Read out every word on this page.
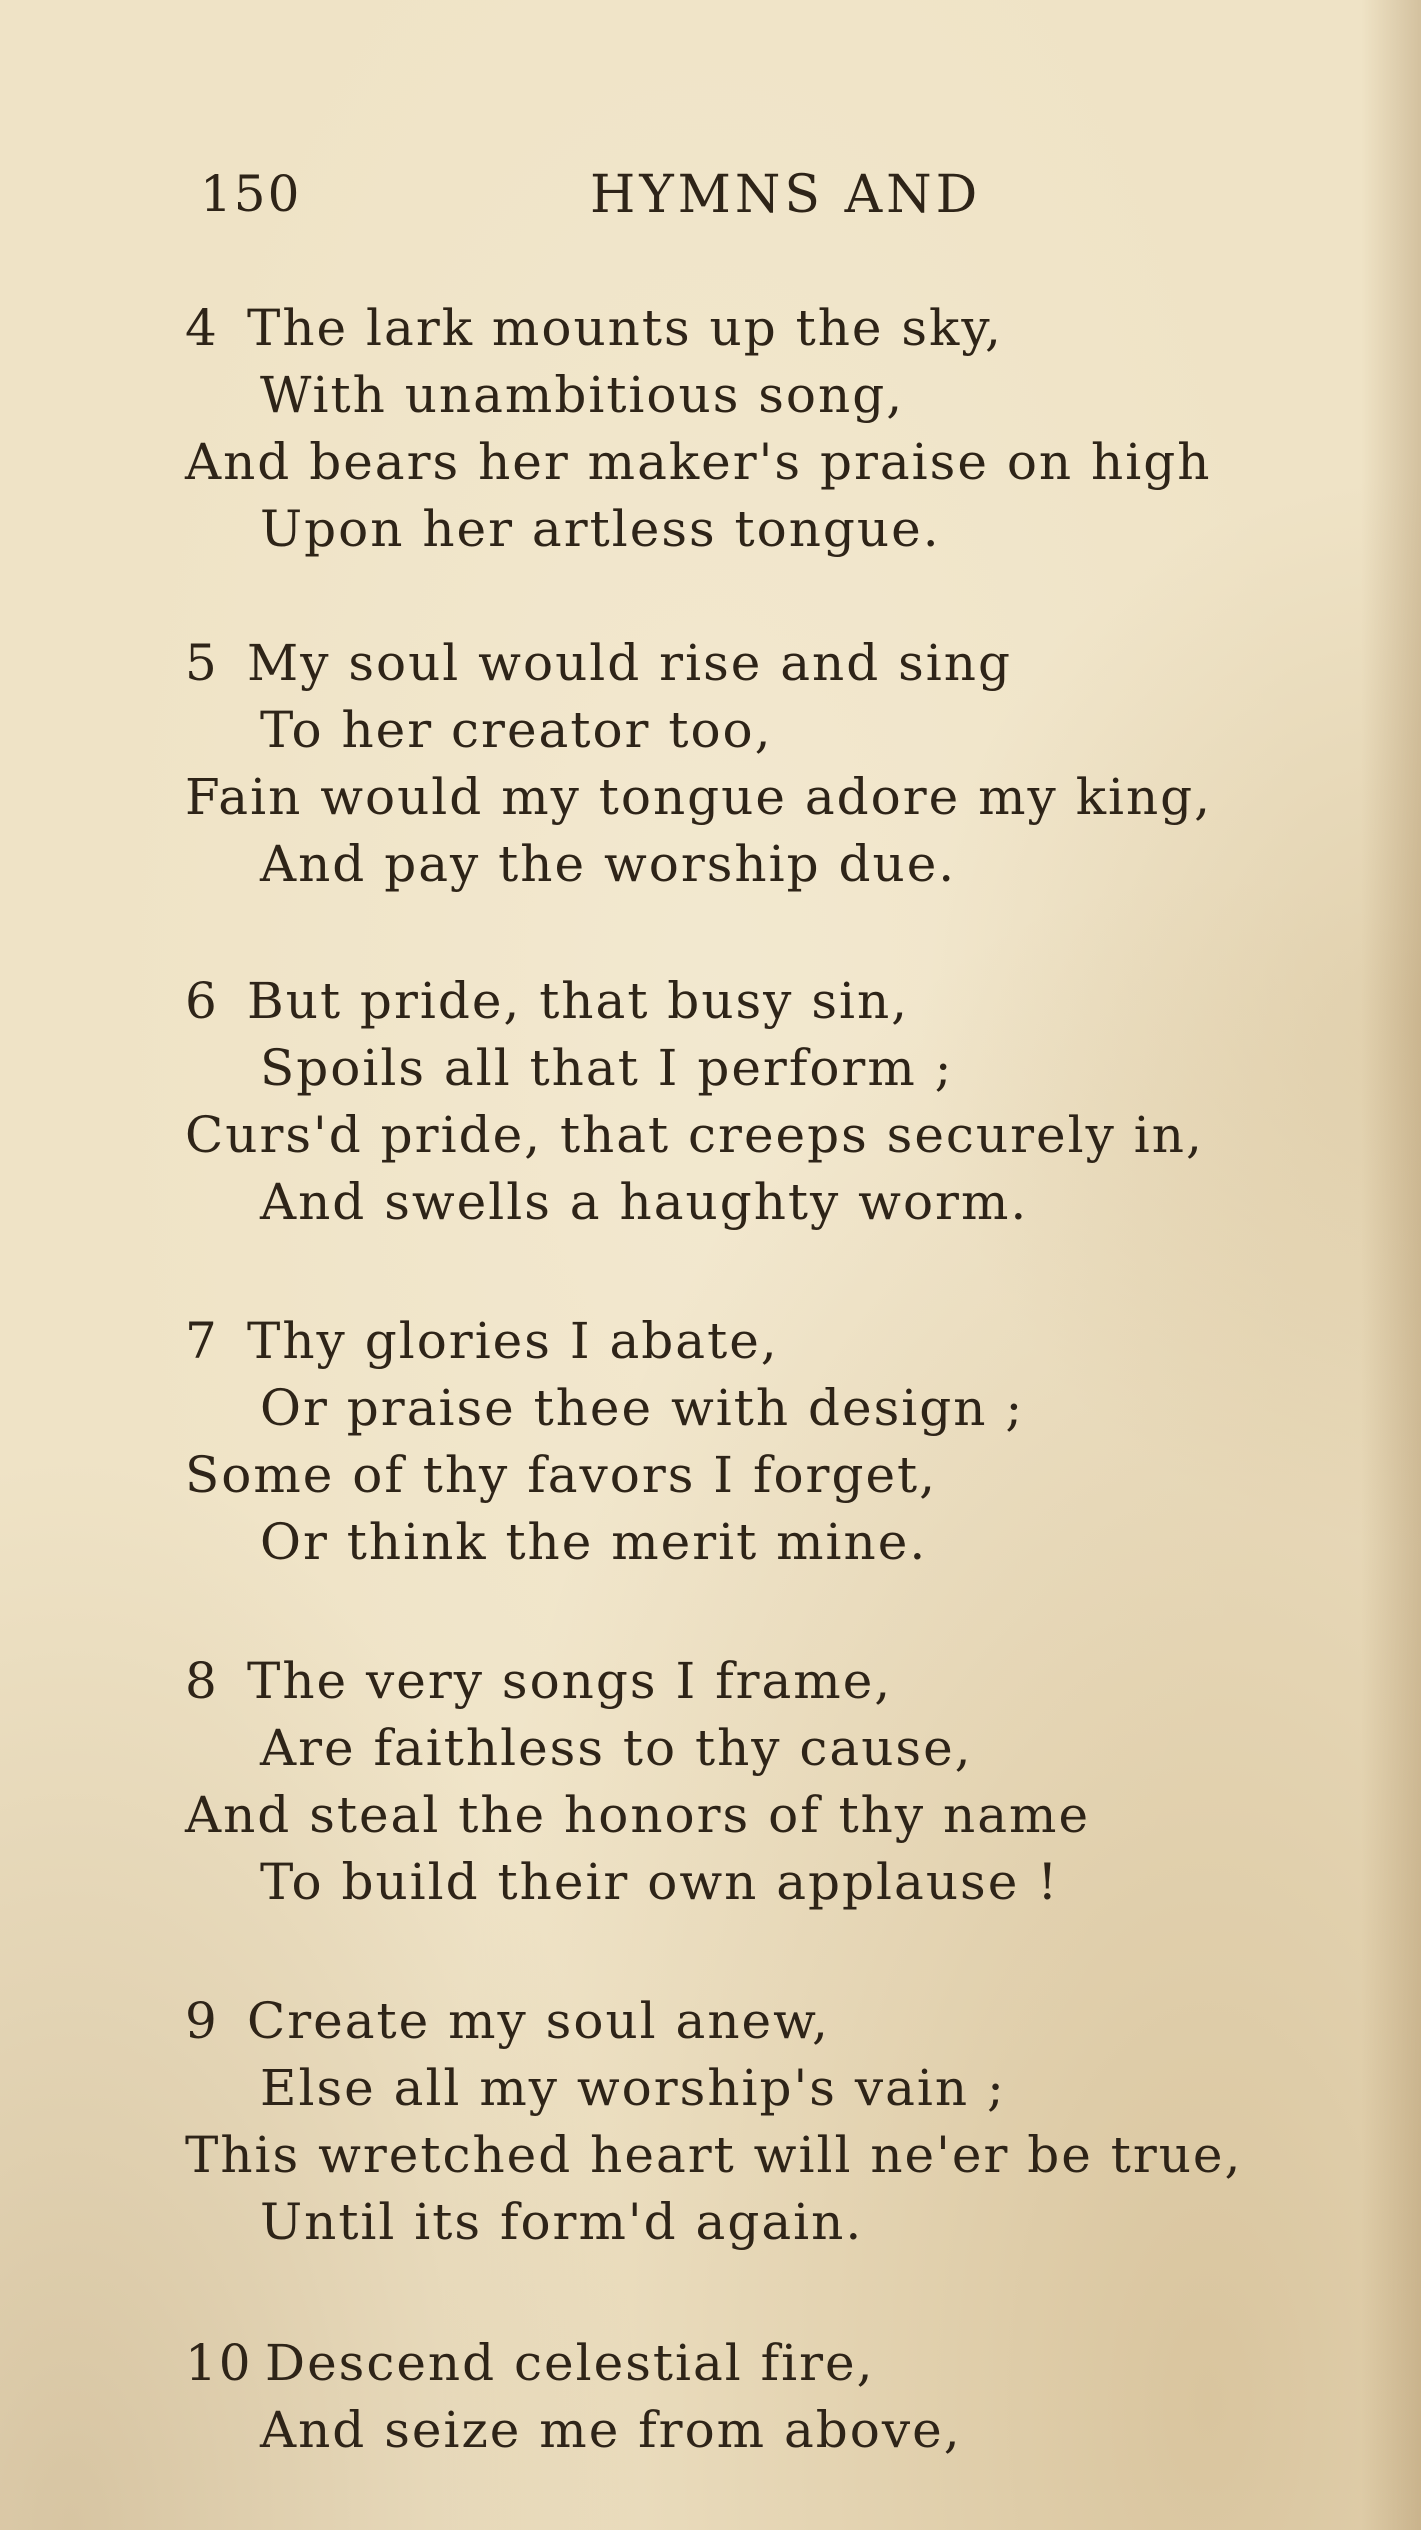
150	HYMNS AND
4 The lark mounts up the sky,
With unambitious song,
And bears her maker's praise on high
Upon her artless tongue.
5 My soul would rise and sing
To her creator too,
Fain would my tongue adore my king,
And pay the worship due.
6 But pride, that busy sin,
Spoils all that I perform ;
Curs'd pride, that creeps securely in,
And swells a haughty worm.
7 Thy glories I abate,
Or praise thee with design ;
Some of thy favors I forget,
Or think the merit mine.
8 The very songs I frame,
Are faithless to thy cause,
And steal the honors of thy name
To build their own applause !
9 Create my soul anew,
Else all my worship's vain ;
This wretched heart will ne'er be true,
Until its form'd again.
10 Descend celestial fire,
And seize me from above,
